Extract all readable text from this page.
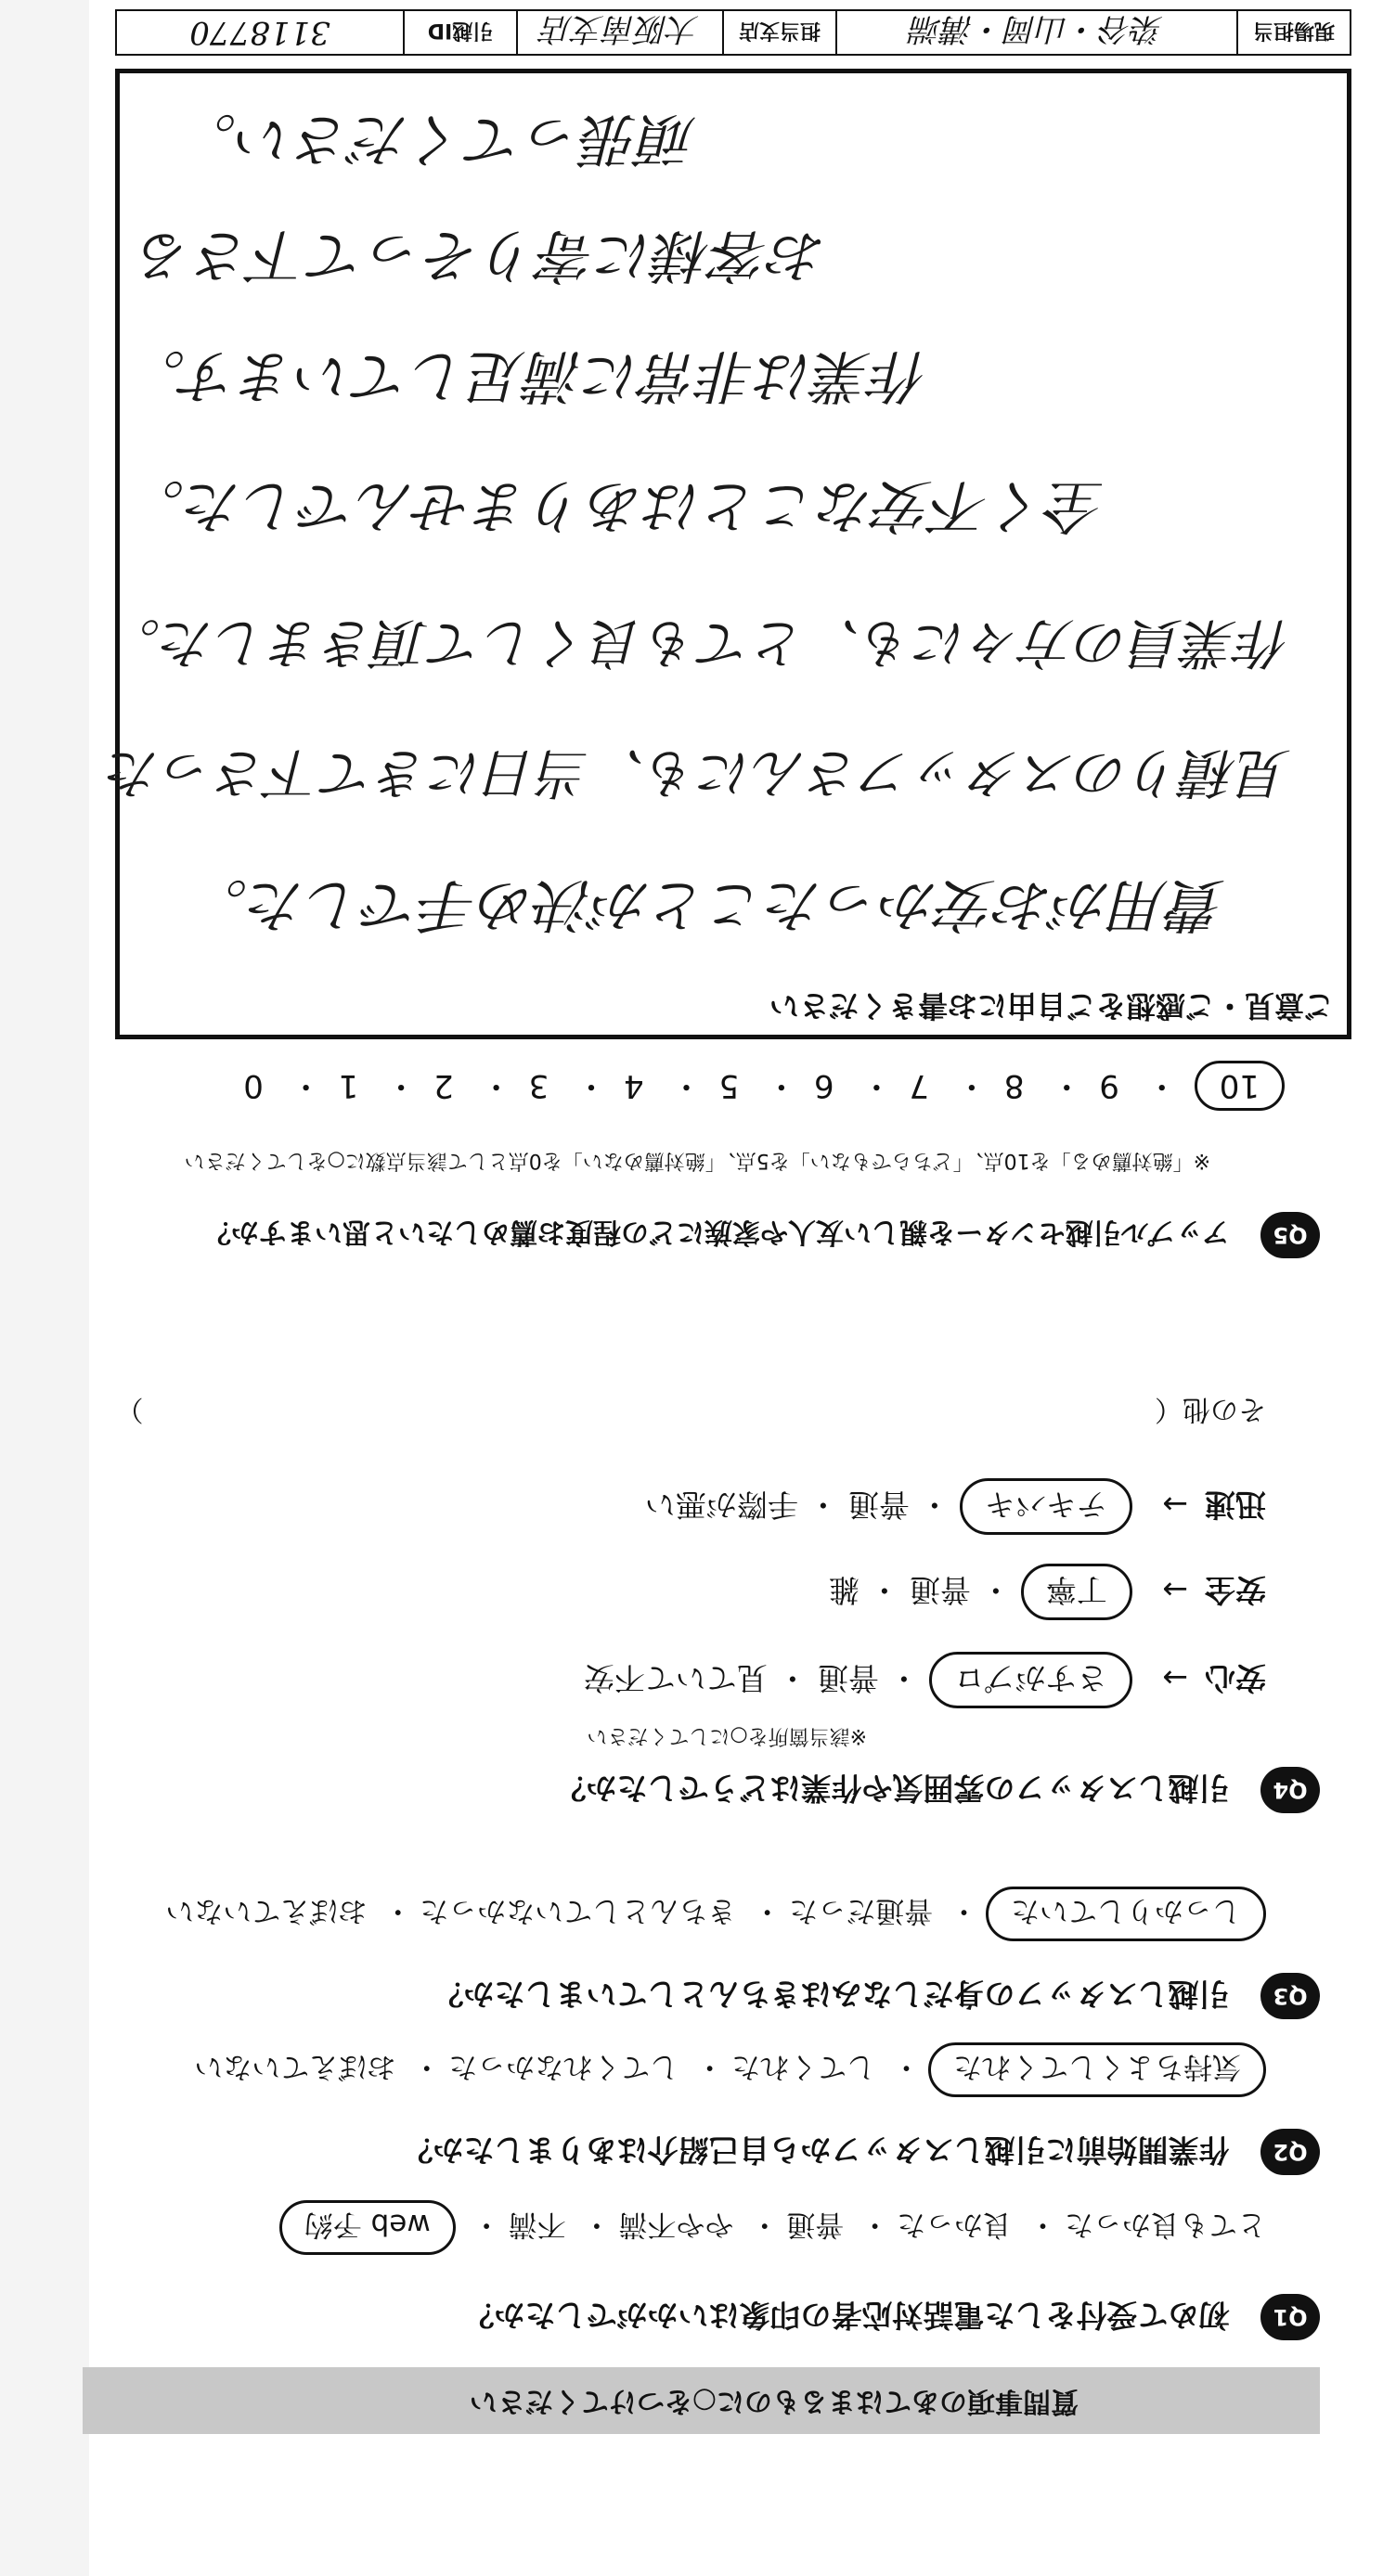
質問事項のあてはまるものに○をつけてください
Q1 初めて受付をした電話対応者の印象はいかがでしたか？
とても良かった・ 良かった・ 普通・ やや不満・ 不満・ web 予約
Q2 作業開始前に引越しスタッフから自己紹介はありましたか？
気持ちよくしてくれた・ してくれた・ してくれなかった・ おぼえていない
Q3 引越しスタッフの身だしなみはきちんとしていましたか？
しっかりしていた・ 普通だった・ きちんとしていなかった・ おぼえていない
Q4 引越しスタッフの雰囲気や作業はどうでしたか？
※該当箇所を○にしてください
安心→ さすがプロ ・ 普通 ・ 見ていて不安
安全→ 丁寧 ・ 普通 ・ 雑
迅速→ テキパキ ・ 普通 ・ 手際が悪い
その他（ ）
Q5 アップル引越センターを親しい友人や家族にどの程度お薦めしたいと思いますか？
※「絶対薦める」を10点、「どちらでもない」を5点、「絶対薦めない」を0点として該当点数に○をしてください
10・ 9・ 8・ 7・ 6・ 5・ 4・ 3・ 2・ 1・ 0
ご意見・ご感想をご自由にお書きください
費用がお安かったことが決め手でした。
見積りのスタッフさんにも、当日にきて下さった
作業員の方々にも、とても良くして頂きました。
全く不安なことはありませんでした。
作業は非常に満足しています。
お客様に寄りそって下さる
頑張ってください。
現場担当
染谷・山岡・溝端
担当支店
大阪南支店
引越ID
3118770
